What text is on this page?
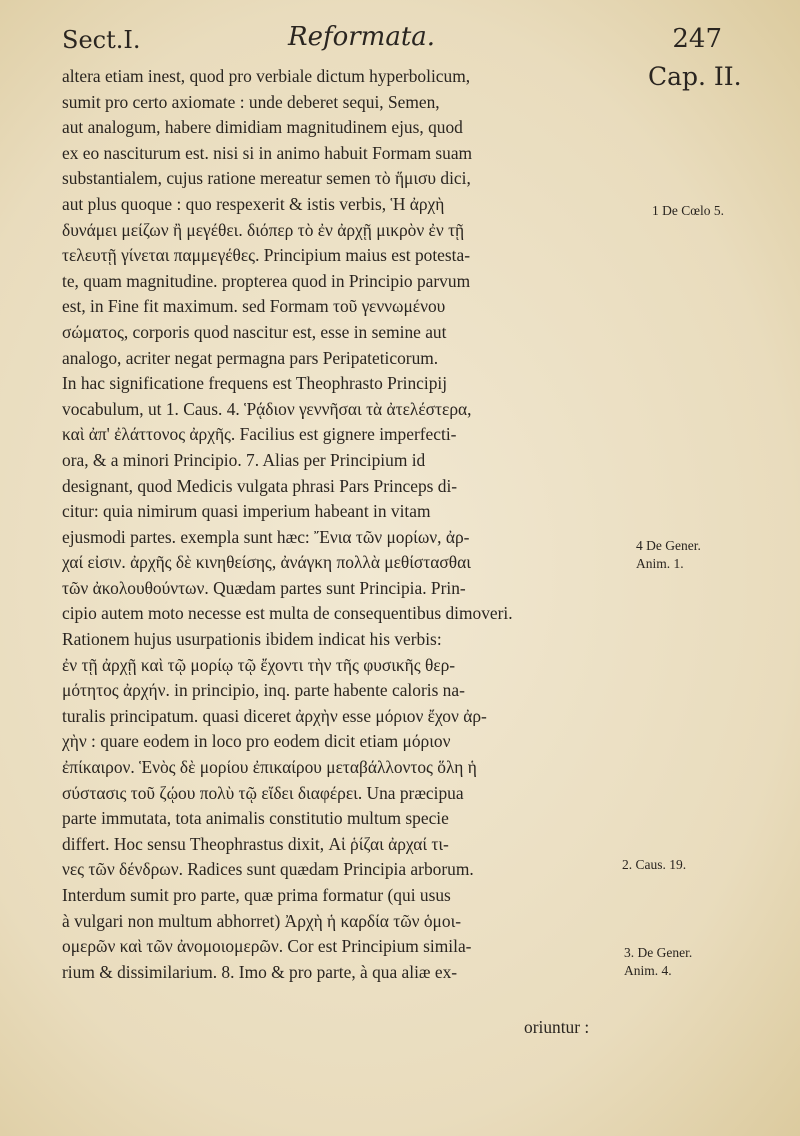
Sect.I.	Reformata.	247
Cap. II.
altera etiam inest, quod pro verbiale dictum hyperbolicum,
sumit pro certo axiomate : unde deberet sequi, Semen,
aut analogum, habere dimidiam magnitudinem ejus, quod
ex eo nasciturum est. nisi si in animo habuit Formam suam
substantialem, cujus ratione mereatur semen τὸ ἥμισυ dici,
aut plus quoque : quo respexerit & istis verbis, Ἡ ἀρχὴ
δυνάμει μείζων ἢ μεγέθει. διόπερ τὸ ἐν ἀρχῇ μικρὸν ἐν τῇ
τελευτῇ γίνεται παμμεγέθες. Principium maius est potesta-
te, quam magnitudine. propterea quod in Principio parvum
est, in Fine fit maximum. sed Formam τοῦ γεννωμένου
σώματος, corporis quod nascitur est, esse in semine aut
analogo, acriter negat permagna pars Peripateticorum.
In hac significatione frequens est Theophrasto Principij
vocabulum, ut 1. Caus. 4. Ῥᾴδιον γεννῆσαι τὰ ἀτελέστερα,
καὶ ἀπ' ἐλάττονος ἀρχῆς. Facilius est gignere imperfecti-
ora, & a minori Principio. 7. Alias per Principium id
designant, quod Medicis vulgata phrasi Pars Princeps di-
citur: quia nimirum quasi imperium habeant in vitam
ejusmodi partes. exempla sunt hæc: Ἔνια τῶν μορίων, ἀρ-
χαί εἰσιν. ἀρχῆς δὲ κινηθείσης, ἀνάγκη πολλὰ μεθίστασθαι
τῶν ἀκολουθούντων. Quædam partes sunt Principia. Prin-
cipio autem moto necesse est multa de consequentibus dimoveri.
Rationem hujus usurpationis ibidem indicat his verbis:
ἐν τῇ ἀρχῇ καὶ τῷ μορίῳ τῷ ἔχοντι τὴν τῆς φυσικῆς θερ-
μότητος ἀρχήν. in principio, inq. parte habente caloris na-
turalis principatum. quasi diceret ἀρχὴν esse μόριον ἔχον ἀρ-
χὴν : quare eodem in loco pro eodem dicit etiam μόριον
ἐπίκαιρον. Ἑνὸς δὲ μορίου ἐπικαίρου μεταβάλλοντος ὅλη ἡ
σύστασις τοῦ ζῴου πολὺ τῷ εἴδει διαφέρει. Una præcipua
parte immutata, tota animalis constitutio multum specie
differt. Hoc sensu Theophrastus dixit, Αἱ ῥίζαι ἀρχαί τι-
νες τῶν δένδρων. Radices sunt quædam Principia arborum.
Interdum sumit pro parte, quæ prima formatur (qui usus
à vulgari non multum abhorret) Ἀρχὴ ἡ καρδία τῶν ὁμοι-
ομερῶν καὶ τῶν ἀνομοιομερῶν. Cor est Principium simila-
rium & dissimilarium. 8. Imo & pro parte, à qua aliæ ex-
oriuntur :
1 De Cœlo 5.
4 De Gener.
Anim. 1.
2. Caus. 19.
3. De Gener.
Anim. 4.
